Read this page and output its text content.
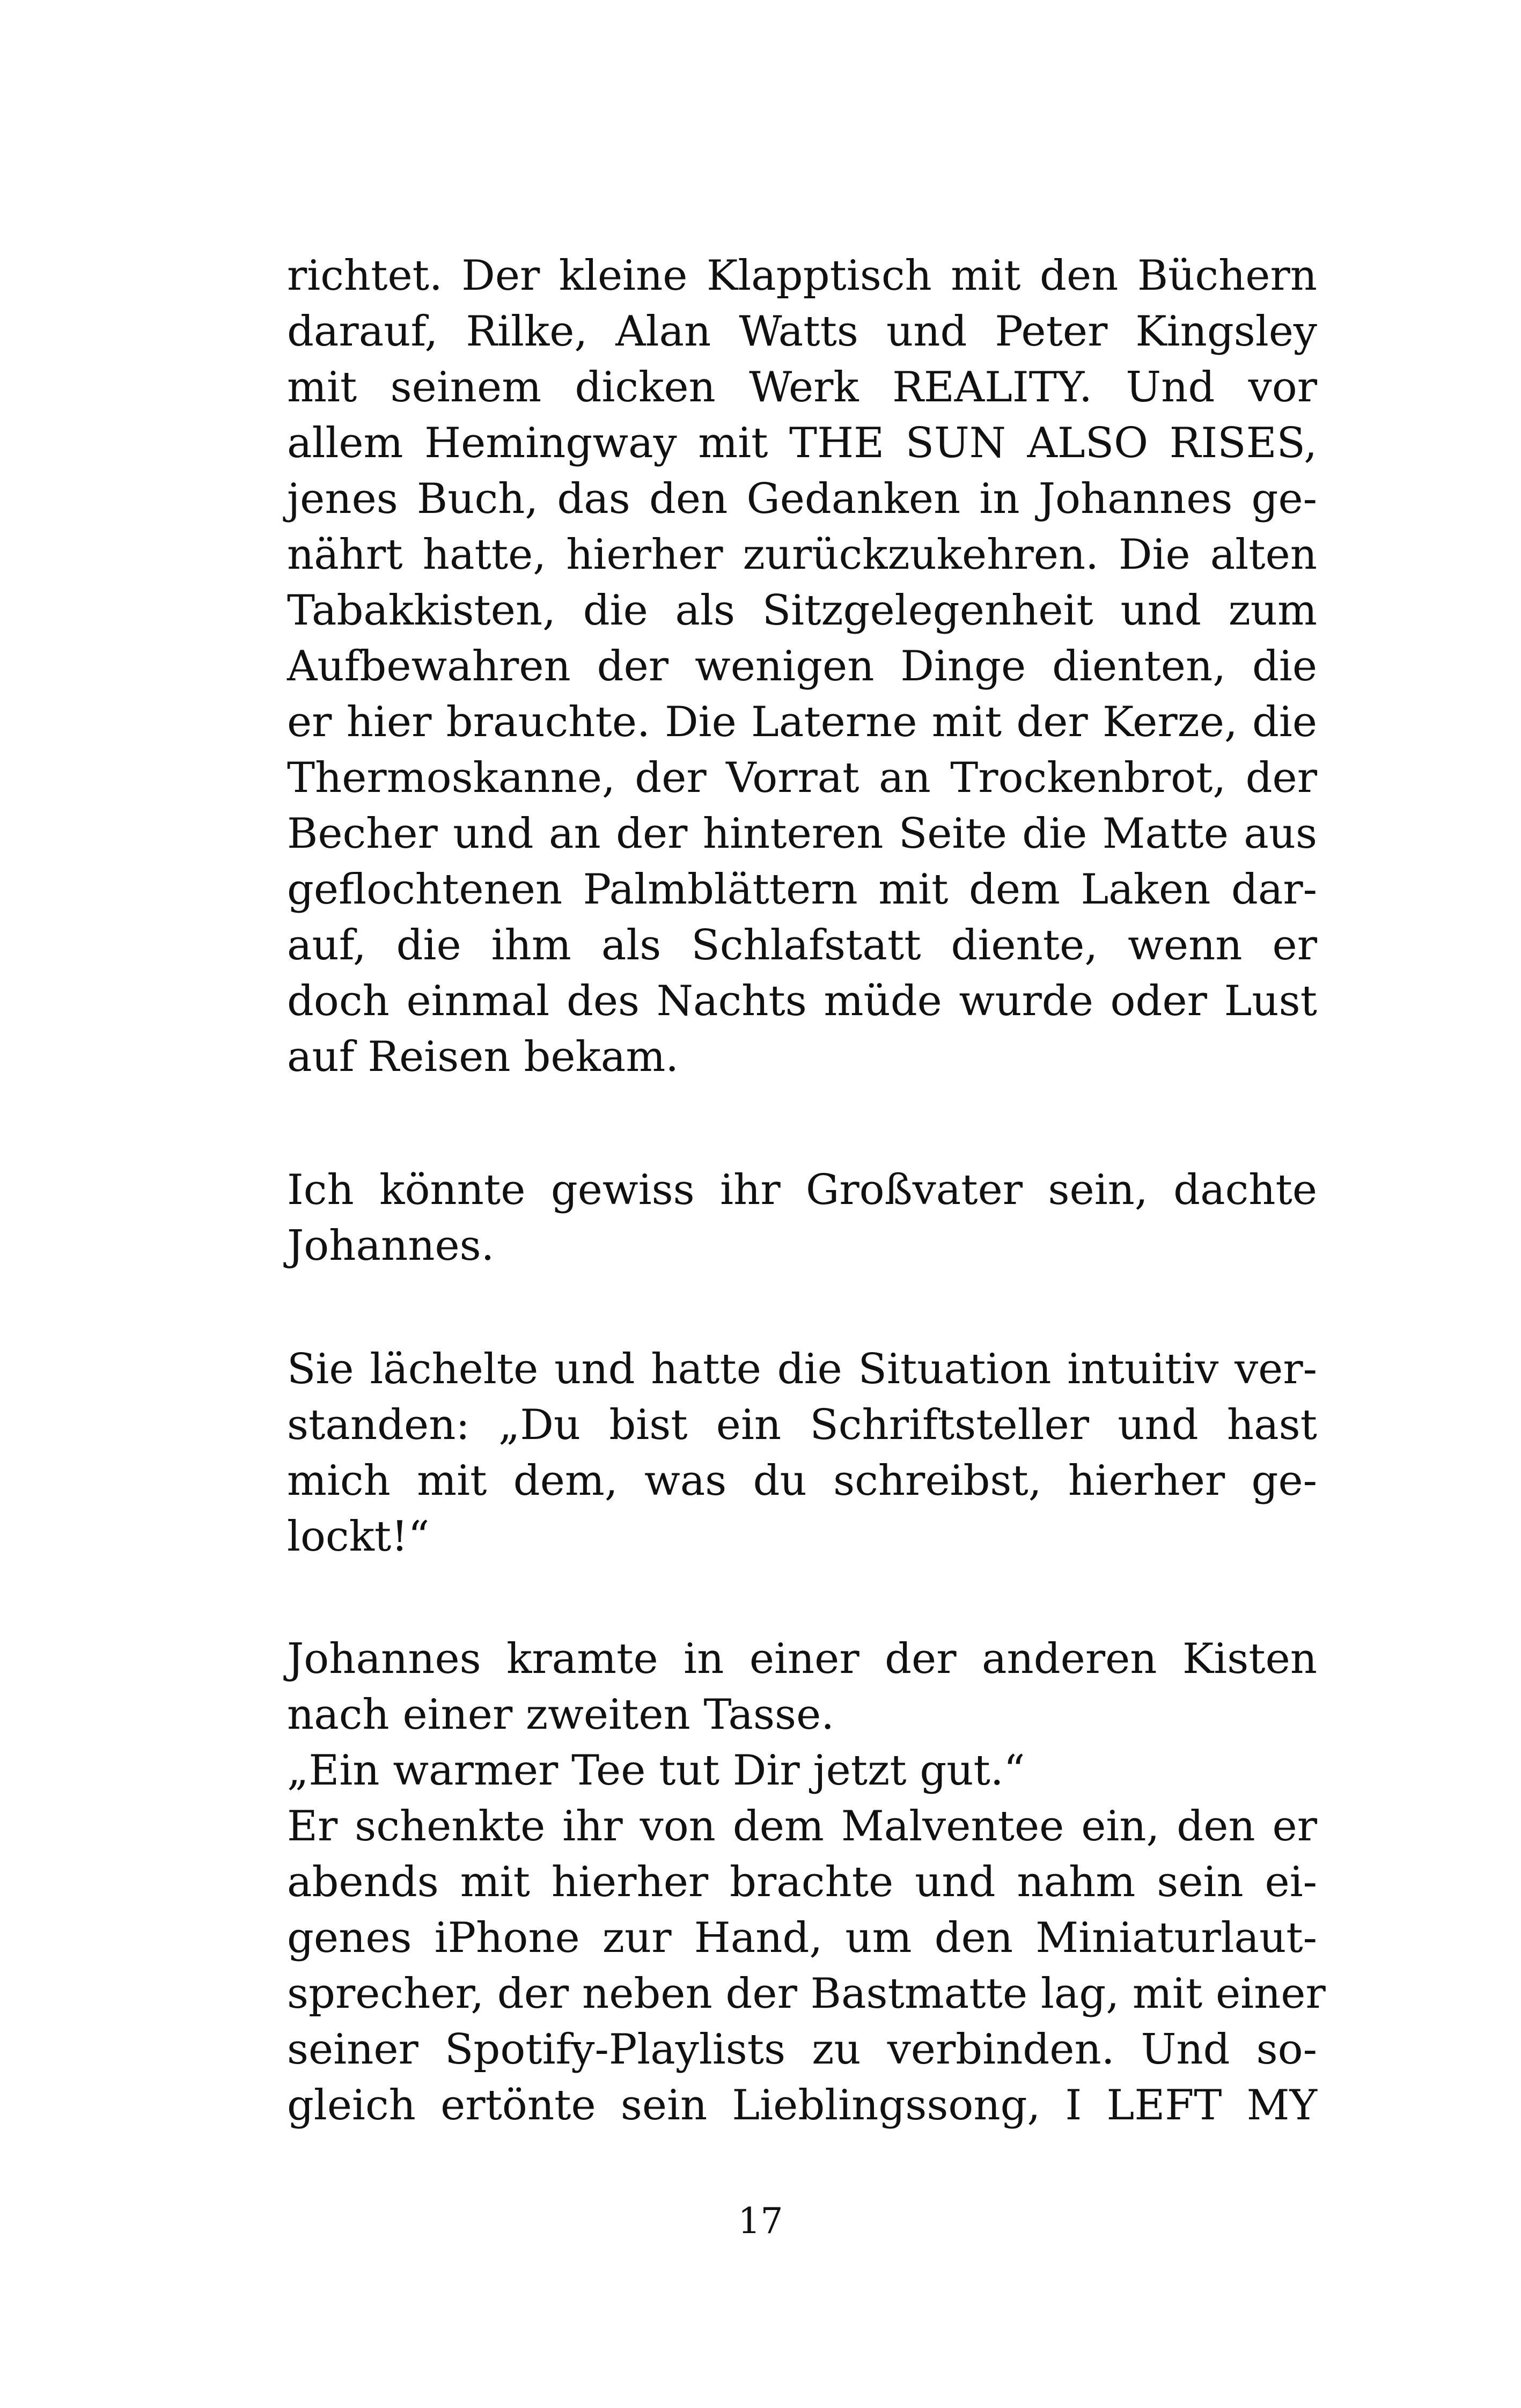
richtet. Der kleine Klapptisch mit den Büchern
darauf, Rilke, Alan Watts und Peter Kingsley
mit seinem dicken Werk REALITY. Und vor
allem Hemingway mit THE SUN ALSO RISES,
jenes Buch, das den Gedanken in Johannes ge-
nährt hatte, hierher zurückzukehren. Die alten
Tabakkisten, die als Sitzgelegenheit und zum
Aufbewahren der wenigen Dinge dienten, die
er hier brauchte. Die Laterne mit der Kerze, die
Thermoskanne, der Vorrat an Trockenbrot, der
Becher und an der hinteren Seite die Matte aus
geflochtenen Palmblättern mit dem Laken dar-
auf, die ihm als Schlafstatt diente, wenn er
doch einmal des Nachts müde wurde oder Lust
auf Reisen bekam.
Ich könnte gewiss ihr Großvater sein, dachte
Johannes.
Sie lächelte und hatte die Situation intuitiv ver-
standen: „Du bist ein Schriftsteller und hast
mich mit dem, was du schreibst, hierher ge-
lockt!“
Johannes kramte in einer der anderen Kisten
nach einer zweiten Tasse.
„Ein warmer Tee tut Dir jetzt gut.“
Er schenkte ihr von dem Malventee ein, den er
abends mit hierher brachte und nahm sein ei-
genes iPhone zur Hand, um den Miniaturlaut-
sprecher, der neben der Bastmatte lag, mit einer
seiner Spotify-Playlists zu verbinden. Und so-
gleich ertönte sein Lieblingssong, I LEFT MY
17
